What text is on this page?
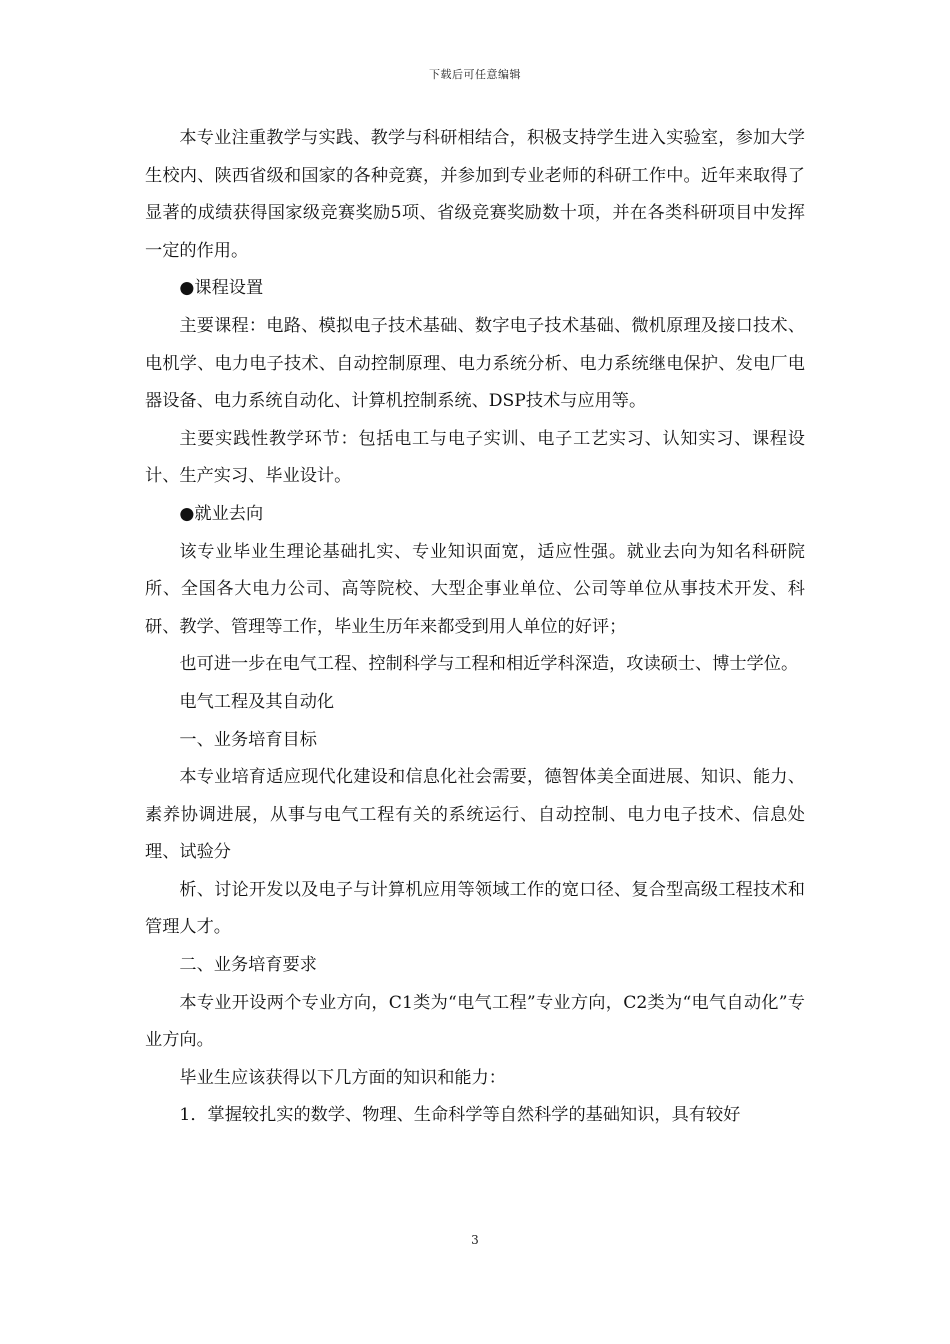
下载后可任意编辑

本专业注重教学与实践、教学与科研相结合，积极支持学生进入实验室，参加大学生校内、陕西省级和国家的各种竞赛，并参加到专业老师的科研工作中。近年来取得了显著的成绩获得国家级竞赛奖励5项、省级竞赛奖励数十项，并在各类科研项目中发挥一定的作用。

●课程设置

主要课程：电路、模拟电子技术基础、数字电子技术基础、微机原理及接口技术、电机学、电力电子技术、自动控制原理、电力系统分析、电力系统继电保护、发电厂电器设备、电力系统自动化、计算机控制系统、DSP技术与应用等。

主要实践性教学环节：包括电工与电子实训、电子工艺实习、认知实习、课程设计、生产实习、毕业设计。

●就业去向

该专业毕业生理论基础扎实、专业知识面宽，适应性强。就业去向为知名科研院所、全国各大电力公司、高等院校、大型企事业单位、公司等单位从事技术开发、科研、教学、管理等工作，毕业生历年来都受到用人单位的好评；

也可进一步在电气工程、控制科学与工程和相近学科深造，攻读硕士、博士学位。

电气工程及其自动化

一、业务培育目标

本专业培育适应现代化建设和信息化社会需要，德智体美全面进展、知识、能力、素养协调进展，从事与电气工程有关的系统运行、自动控制、电力电子技术、信息处理、试验分

析、讨论开发以及电子与计算机应用等领域工作的宽口径、复合型高级工程技术和管理人才。

二、业务培育要求

本专业开设两个专业方向，C1类为“电气工程”专业方向，C2类为“电气自动化”专业方向。

毕业生应该获得以下几方面的知识和能力：

1．掌握较扎实的数学、物理、生命科学等自然科学的基础知识，具有较好

3
